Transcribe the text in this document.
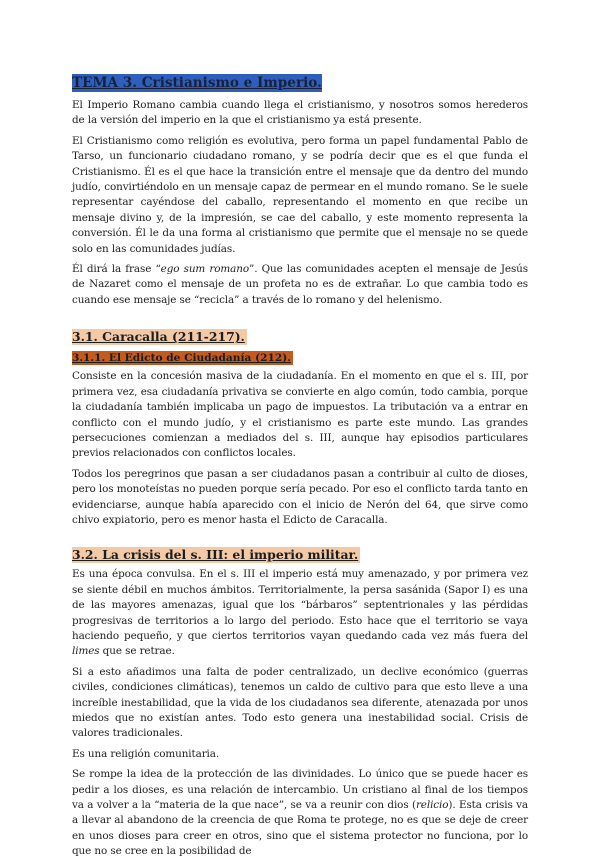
TEMA 3. Cristianismo e Imperio.

El Imperio Romano cambia cuando llega el cristianismo, y nosotros somos herederos de la versión del imperio en la que el cristianismo ya está presente.

El Cristianismo como religión es evolutiva, pero forma un papel fundamental Pablo de Tarso, un funcionario ciudadano romano, y se podría decir que es el que funda el Cristianismo. Él es el que hace la transición entre el mensaje que da dentro del mundo judío, convirtiéndolo en un mensaje capaz de permear en el mundo romano. Se le suele representar cayéndose del caballo, representando el momento en que recibe un mensaje divino y, de la impresión, se cae del caballo, y este momento representa la conversión. Él le da una forma al cristianismo que permite que el mensaje no se quede solo en las comunidades judías.

Él dirá la frase “ego sum romano”. Que las comunidades acepten el mensaje de Jesús de Nazaret como el mensaje de un profeta no es de extrañar. Lo que cambia todo es cuando ese mensaje se “recicla” a través de lo romano y del helenismo.

3.1. Caracalla (211-217).
3.1.1. El Edicto de Ciudadanía (212).

Consiste en la concesión masiva de la ciudadanía. En el momento en que el s. III, por primera vez, esa ciudadanía privativa se convierte en algo común, todo cambia, porque la ciudadanía también implicaba un pago de impuestos. La tributación va a entrar en conflicto con el mundo judío, y el cristianismo es parte este mundo. Las grandes persecuciones comienzan a mediados del s. III, aunque hay episodios particulares previos relacionados con conflictos locales.

Todos los peregrinos que pasan a ser ciudadanos pasan a contribuir al culto de dioses, pero los monoteístas no pueden porque sería pecado. Por eso el conflicto tarda tanto en evidenciarse, aunque había aparecido con el inicio de Nerón del 64, que sirve como chivo expiatorio, pero es menor hasta el Edicto de Caracalla.

3.2. La crisis del s. III: el imperio militar.

Es una época convulsa. En el s. III el imperio está muy amenazado, y por primera vez se siente débil en muchos ámbitos. Territorialmente, la persa sasánida (Sapor I) es una de las mayores amenazas, igual que los “bárbaros” septentrionales y las pérdidas progresivas de territorios a lo largo del periodo. Esto hace que el territorio se vaya haciendo pequeño, y que ciertos territorios vayan quedando cada vez más fuera del limes que se retrae.

Si a esto añadimos una falta de poder centralizado, un declive económico (guerras civiles, condiciones climáticas), tenemos un caldo de cultivo para que esto lleve a una increíble inestabilidad, que la vida de los ciudadanos sea diferente, atenazada por unos miedos que no existían antes. Todo esto genera una inestabilidad social. Crisis de valores tradicionales.

Es una religión comunitaria.

Se rompe la idea de la protección de las divinidades. Lo único que se puede hacer es pedir a los dioses, es una relación de intercambio. Un cristiano al final de los tiempos va a volver a la “materia de la que nace”, se va a reunir con dios (relicio). Esta crisis va a llevar al abandono de la creencia de que Roma te protege, no es que se deje de creer en unos dioses para creer en otros, sino que el sistema protector no funciona, por lo que no se cree en la posibilidad de
